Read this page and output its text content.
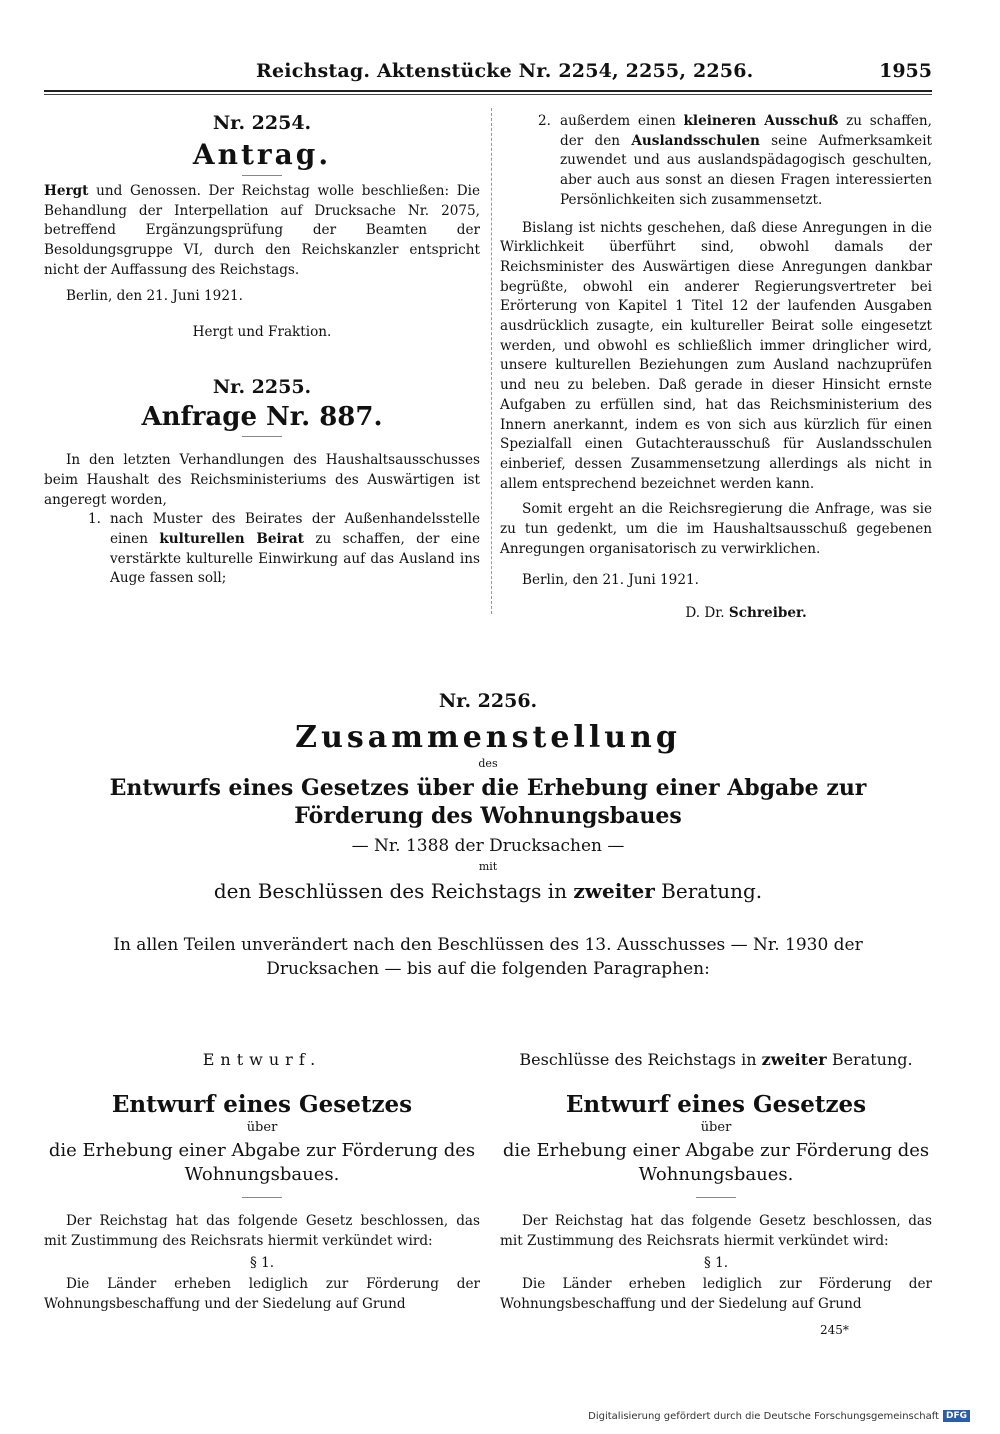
Reichstag. Aktenstücke Nr. 2254, 2255, 2256.	1955
Nr. 2254.
Antrag.

Hergt und Genossen. Der Reichstag wolle beschließen: Die Behandlung der Interpellation auf Drucksache Nr. 2075, betreffend Ergänzungsprüfung der Beamten der Besoldungsgruppe VI, durch den Reichskanzler entspricht nicht der Auffassung des Reichstags.

Berlin, den 21. Juni 1921.

Hergt und Fraktion.
Nr. 2255.
Anfrage Nr. 887.

In den letzten Verhandlungen des Haushaltsausschusses beim Haushalt des Reichsministeriums des Auswärtigen ist angeregt worden,

1. nach Muster des Beirates der Außenhandelsstelle einen kulturellen Beirat zu schaffen, der eine verstärkte kulturelle Einwirkung auf das Ausland ins Auge fassen soll;

2. außerdem einen kleineren Ausschuß zu schaffen, der den Auslandsschulen seine Aufmerksamkeit zuwendet und aus auslandspädagogisch geschulten, aber auch aus sonst an diesen Fragen interessierten Persönlichkeiten sich zusammensetzt.

Bislang ist nichts geschehen, daß diese Anregungen in die Wirklichkeit überführt sind, obwohl damals der Reichsminister des Auswärtigen diese Anregungen dankbar begrüßte, obwohl ein anderer Regierungsvertreter bei Erörterung von Kapitel 1 Titel 12 der laufenden Ausgaben ausdrücklich zusagte, ein kultureller Beirat solle eingesetzt werden, und obwohl es schließlich immer dringlicher wird, unsere kulturellen Beziehungen zum Ausland nachzuprüfen und neu zu beleben. Daß gerade in dieser Hinsicht ernste Aufgaben zu erfüllen sind, hat das Reichsministerium des Innern anerkannt, indem es von sich aus kürzlich für einen Spezialfall einen Gutachterausschuß für Auslandsschulen einberief, dessen Zusammensetzung allerdings als nicht in allem entsprechend bezeichnet werden kann.

Somit ergeht an die Reichsregierung die Anfrage, was sie zu tun gedenkt, um die im Haushaltsausschuß gegebenen Anregungen organisatorisch zu verwirklichen.

Berlin, den 21. Juni 1921.

D. Dr. Schreiber.
Nr. 2256.
Zusammenstellung
des
Entwurfs eines Gesetzes über die Erhebung einer Abgabe zur Förderung des Wohnungsbaues
— Nr. 1388 der Drucksachen —
mit
den Beschlüssen des Reichstags in zweiter Beratung.
In allen Teilen unverändert nach den Beschlüssen des 13. Ausschusses — Nr. 1930 der Drucksachen — bis auf die folgenden Paragraphen:
Entwurf.
Entwurf eines Gesetzes
über
die Erhebung einer Abgabe zur Förderung des Wohnungsbaues.

Der Reichstag hat das folgende Gesetz beschlossen, das mit Zustimmung des Reichsrats hiermit verkündet wird:

§ 1.

Die Länder erheben lediglich zur Förderung der Wohnungsbeschaffung und der Siedelung auf Grund

Beschlüsse des Reichstags in zweiter Beratung.
Entwurf eines Gesetzes
über
die Erhebung einer Abgabe zur Förderung des Wohnungsbaues.

Der Reichstag hat das folgende Gesetz beschlossen, das mit Zustimmung des Reichsrats hiermit verkündet wird:

§ 1.

Die Länder erheben lediglich zur Förderung der Wohnungsbeschaffung und der Siedelung auf Grund

245*
Digitalisierung gefördert durch die Deutsche Forschungsgemeinschaft DFG
